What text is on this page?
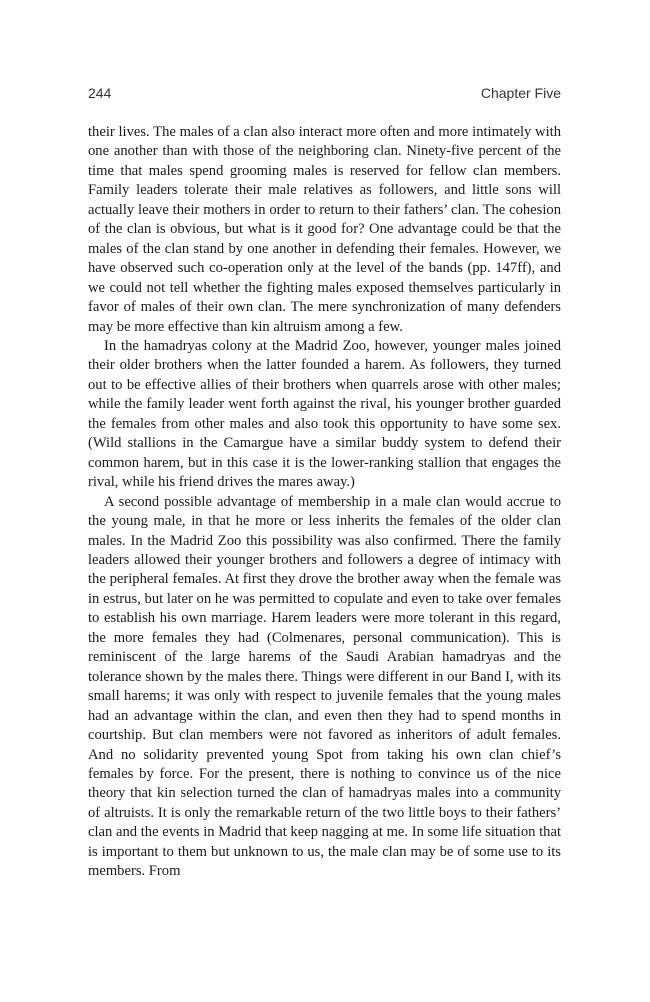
244	Chapter Five

their lives. The males of a clan also interact more often and more intimately with one another than with those of the neighboring clan. Ninety-five percent of the time that males spend grooming males is reserved for fellow clan members. Family leaders tolerate their male relatives as followers, and little sons will actually leave their mothers in order to return to their fathers’ clan. The cohesion of the clan is obvious, but what is it good for? One advantage could be that the males of the clan stand by one another in defending their females. However, we have observed such co-operation only at the level of the bands (pp. 147ff), and we could not tell whether the fighting males exposed themselves particularly in favor of males of their own clan. The mere synchronization of many defenders may be more effective than kin altruism among a few.

In the hamadryas colony at the Madrid Zoo, however, younger males joined their older brothers when the latter founded a harem. As followers, they turned out to be effective allies of their brothers when quarrels arose with other males; while the family leader went forth against the rival, his younger brother guarded the females from other males and also took this opportunity to have some sex. (Wild stallions in the Camargue have a similar buddy system to defend their common harem, but in this case it is the lower-ranking stallion that engages the rival, while his friend drives the mares away.)

A second possible advantage of membership in a male clan would accrue to the young male, in that he more or less inherits the females of the older clan males. In the Madrid Zoo this possibility was also confirmed. There the family leaders allowed their younger brothers and followers a degree of intimacy with the peripheral females. At first they drove the brother away when the female was in estrus, but later on he was permitted to copulate and even to take over females to establish his own marriage. Harem leaders were more tolerant in this regard, the more females they had (Colmenares, personal communication). This is reminiscent of the large harems of the Saudi Arabian hamadryas and the tolerance shown by the males there. Things were different in our Band I, with its small harems; it was only with respect to juvenile females that the young males had an advantage within the clan, and even then they had to spend months in courtship. But clan members were not favored as inheritors of adult females. And no solidarity prevented young Spot from taking his own clan chief’s females by force. For the present, there is nothing to convince us of the nice theory that kin selection turned the clan of hamadryas males into a community of altruists. It is only the remarkable return of the two little boys to their fathers’ clan and the events in Madrid that keep nagging at me. In some life situation that is important to them but unknown to us, the male clan may be of some use to its members. From
